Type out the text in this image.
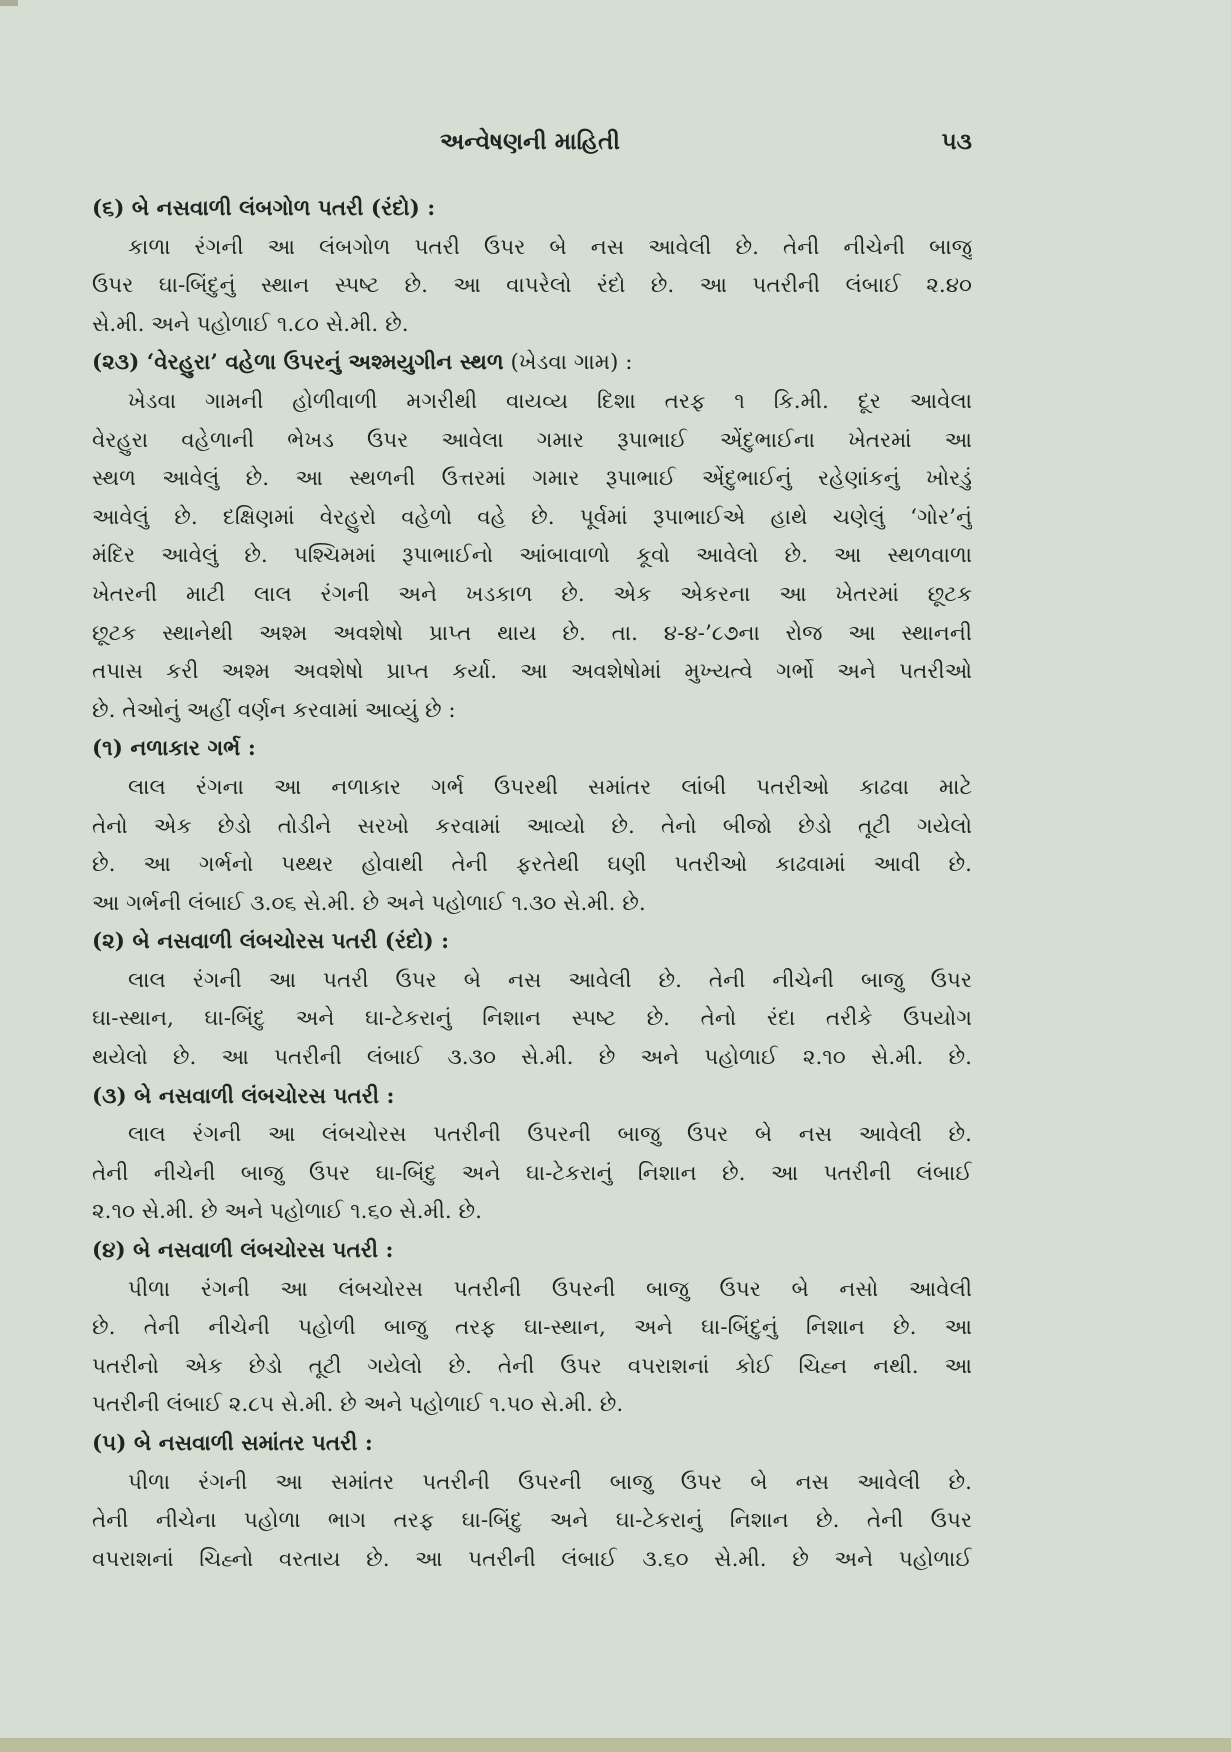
અન્વેષણની માહિતી	૫૩
(૬) બે નસવાળી લંબગોળ પતરી (રંદો) :
કાળા રંગની આ લંબગોળ પતરી ઉપર બે નસ આવેલી છે. તેની નીચેની બાજુ
ઉપર ઘા-બિંદુનું સ્થાન સ્પષ્ટ છે. આ વાપરેલો રંદો છે. આ પતરીની લંબાઈ ૨.૪૦
સે.મી. અને પહોળાઈ ૧.૮૦ સે.મી. છે.
(૨૩) ‘વેરહુરા’ વહેળા ઉપરનું અશ્મયુગીન સ્થળ (ખેડવા ગામ) :
ખેડવા ગામની હોળીવાળી મગરીથી વાયવ્ય દિશા તરફ ૧ કિ.મી. દૂર આવેલા
વેરહુરા વહેળાની ભેખડ ઉપર આવેલા ગમાર રૂપાભાઈ એંદુભાઈના ખેતરમાં આ
સ્થળ આવેલું છે. આ સ્થળની ઉત્તરમાં ગમાર રૂપાભાઈ એંદુભાઈનું રહેણાંકનું ખોરડું
આવેલું છે. દક્ષિણમાં વેરહુરો વહેળો વહે છે. પૂર્વમાં રૂપાભાઈએ હાથે ચણેલું ‘ગોર’નું
મંદિર આવેલું છે. પશ્ચિમમાં રૂપાભાઈનો આંબાવાળો કૂવો આવેલો છે. આ સ્થળવાળા
ખેતરની માટી લાલ રંગની અને ખડકાળ છે. એક એકરના આ ખેતરમાં છૂટક
છૂટક સ્થાનેથી અશ્મ અવશેષો પ્રાપ્ત થાય છે. તા. ૪-૪-’૮૭ના રોજ આ સ્થાનની
તપાસ કરી અશ્મ અવશેષો પ્રાપ્ત કર્યા. આ અવશેષોમાં મુખ્યત્વે ગર્ભો અને પતરીઓ
છે. તેઓનું અહીં વર્ણન કરવામાં આવ્યું છે :
(૧) નળાકાર ગર્ભ :
લાલ રંગના આ નળાકાર ગર્ભ ઉપરથી સમાંતર લાંબી પતરીઓ કાઢવા માટે
તેનો એક છેડો તોડીને સરખો કરવામાં આવ્યો છે. તેનો બીજો છેડો તૂટી ગયેલો
છે. આ ગર્ભનો પથ્થર હોવાથી તેની ફરતેથી ઘણી પતરીઓ કાઢવામાં આવી છે.
આ ગર્ભની લંબાઈ ૩.૦૬ સે.મી. છે અને પહોળાઈ ૧.૩૦ સે.મી. છે.
(૨) બે નસવાળી લંબચોરસ પતરી (રંદો) :
લાલ રંગની આ પતરી ઉપર બે નસ આવેલી છે. તેની નીચેની બાજુ ઉપર
ઘા-સ્થાન, ઘા-બિંદુ અને ઘા-ટેકરાનું નિશાન સ્પષ્ટ છે. તેનો રંદા તરીકે ઉપયોગ
થયેલો છે. આ પતરીની લંબાઈ ૩.૩૦ સે.મી. છે અને પહોળાઈ ૨.૧૦ સે.મી. છે.
(૩) બે નસવાળી લંબચોરસ પતરી :
લાલ રંગની આ લંબચોરસ પતરીની ઉપરની બાજુ ઉપર બે નસ આવેલી છે.
તેની નીચેની બાજુ ઉપર ઘા-બિંદુ અને ઘા-ટેકરાનું નિશાન છે. આ પતરીની લંબાઈ
૨.૧૦ સે.મી. છે અને પહોળાઈ ૧.૬૦ સે.મી. છે.
(૪) બે નસવાળી લંબચોરસ પતરી :
પીળા રંગની આ લંબચોરસ પતરીની ઉપરની બાજુ ઉપર બે નસો આવેલી
છે. તેની નીચેની પહોળી બાજુ તરફ ઘા-સ્થાન, અને ઘા-બિંદુનું નિશાન છે. આ
પતરીનો એક છેડો તૂટી ગયેલો છે. તેની ઉપર વપરાશનાં કોઈ ચિહ્ન નથી. આ
પતરીની લંબાઈ ૨.૮૫ સે.મી. છે અને પહોળાઈ ૧.૫૦ સે.મી. છે.
(૫) બે નસવાળી સમાંતર પતરી :
પીળા રંગની આ સમાંતર પતરીની ઉપરની બાજુ ઉપર બે નસ આવેલી છે.
તેની નીચેના પહોળા ભાગ તરફ ઘા-બિંદુ અને ઘા-ટેકરાનું નિશાન છે. તેની ઉપર
વપરાશનાં ચિહ્નો વરતાય છે. આ પતરીની લંબાઈ ૩.૬૦ સે.મી. છે અને પહોળાઈ
